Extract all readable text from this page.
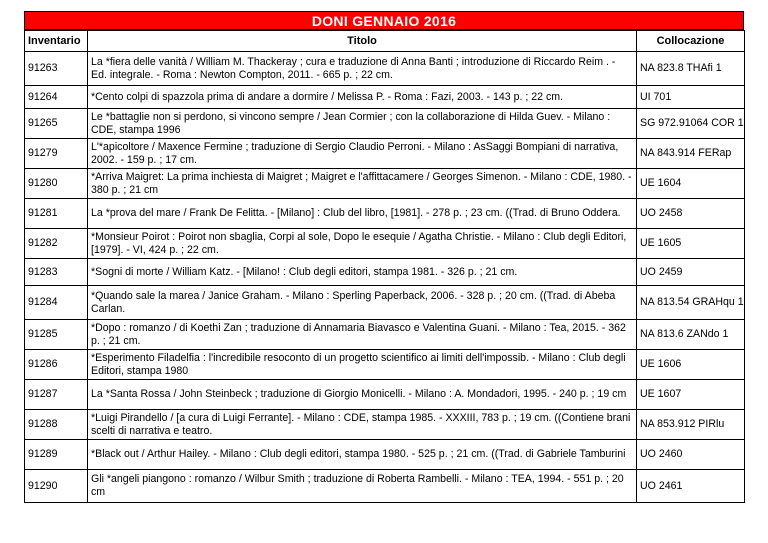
DONI GENNAIO 2016
Inventario	Titolo	Collocazione
91263	La *fiera delle vanità / William M. Thackeray ; cura e traduzione di Anna Banti ; introduzione di Riccardo Reim . - Ed. integrale. - Roma : Newton Compton, 2011. - 665 p. ; 22 cm.	NA 823.8 THAfi 1
91264	*Cento colpi di spazzola prima di andare a dormire / Melissa P. - Roma : Fazi, 2003. - 143 p. ; 22 cm.	UI 701
91265	Le *battaglie non si perdono, si vincono sempre / Jean Cormier ; con la collaborazione di Hilda Guev. - Milano : CDE, stampa 1996	SG 972.91064 COR 1
91279	L'*apicoltore / Maxence Fermine ; traduzione di Sergio Claudio Perroni. - Milano : AsSaggi Bompiani di narrativa, 2002. - 159 p. ; 17 cm.	NA 843.914 FERap
91280	*Arriva Maigret: La prima inchiesta di Maigret ; Maigret e l'affittacamere / Georges Simenon. - Milano : CDE, 1980. - 380 p. ; 21 cm	UE 1604
91281	La *prova del mare / Frank De Felitta. - [Milano] : Club del libro, [1981]. - 278 p. ; 23 cm. ((Trad. di Bruno Oddera.	UO 2458
91282	*Monsieur Poirot : Poirot non sbaglia, Corpi al sole, Dopo le esequie / Agatha Christie. - Milano : Club degli Editori, [1979]. - VI, 424 p. ; 22 cm.	UE 1605
91283	*Sogni di morte / William Katz. - [Milano! : Club degli editori, stampa 1981. - 326 p. ; 21 cm.	UO 2459
91284	*Quando sale la marea / Janice Graham. - Milano : Sperling Paperback, 2006. - 328 p. ; 20 cm. ((Trad. di Abeba Carlan.	NA 813.54 GRAHqu 1
91285	*Dopo : romanzo / di Koethi Zan ; traduzione di Annamaria Biavasco e Valentina Guani. - Milano : Tea, 2015. - 362 p. ; 21 cm.	NA 813.6 ZANdo 1
91286	*Esperimento Filadelfia : l'incredibile resoconto di un progetto scientifico ai limiti dell'impossib. - Milano : Club degli Editori, stampa 1980	UE 1606
91287	La *Santa Rossa / John Steinbeck ; traduzione di Giorgio Monicelli. - Milano : A. Mondadori, 1995. - 240 p. ; 19 cm	UE 1607
91288	*Luigi Pirandello / [a cura di Luigi Ferrante]. - Milano : CDE, stampa 1985. - XXXIII, 783 p. ; 19 cm. ((Contiene brani scelti di narrativa e teatro.	NA 853.912 PIRlu
91289	*Black out / Arthur Hailey. - Milano : Club degli editori, stampa 1980. - 525 p. ; 21 cm. ((Trad. di Gabriele Tamburini	UO 2460
91290	Gli *angeli piangono : romanzo / Wilbur Smith ; traduzione di Roberta Rambelli. - Milano : TEA, 1994. - 551 p. ; 20 cm	UO 2461
